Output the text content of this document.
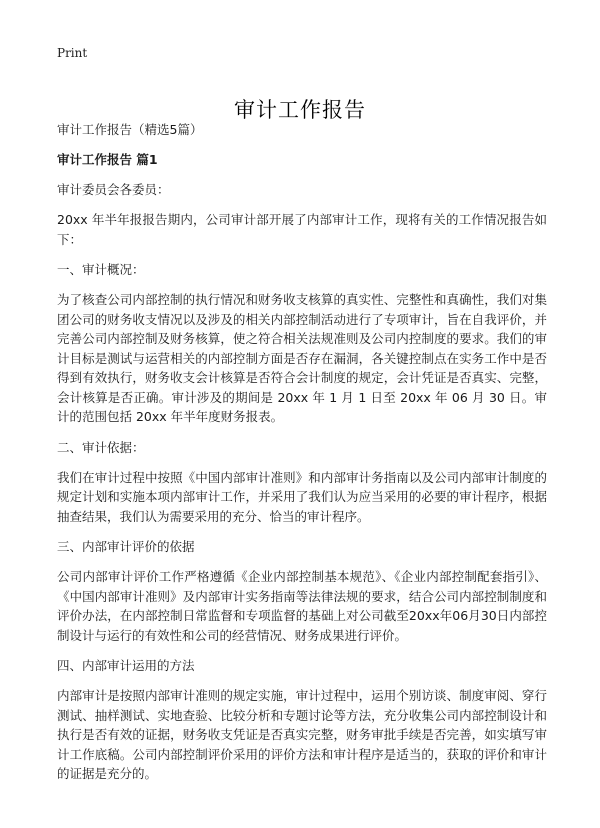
Print
审计工作报告

审计工作报告（精选5篇）

审计工作报告 篇1

审计委员会各委员：

20xx 年半年报报告期内，公司审计部开展了内部审计工作，现将有关的工作情况报告如下：

一、审计概况：

为了核查公司内部控制的执行情况和财务收支核算的真实性、完整性和真确性，我们对集团公司的财务收支情况以及涉及的相关内部控制活动进行了专项审计，旨在自我评价，并完善公司内部控制及财务核算，使之符合相关法规准则及公司内控制度的要求。我们的审计目标是测试与运营相关的内部控制方面是否存在漏洞，各关键控制点在实务工作中是否得到有效执行，财务收支会计核算是否符合会计制度的规定，会计凭证是否真实、完整，会计核算是否正确。审计涉及的期间是 20xx 年 1 月 1 日至 20xx 年 06 月 30 日。审计的范围包括 20xx 年半年度财务报表。

二、审计依据：

我们在审计过程中按照《中国内部审计准则》和内部审计务指南以及公司内部审计制度的规定计划和实施本项内部审计工作，并采用了我们认为应当采用的必要的审计程序，根据抽查结果，我们认为需要采用的充分、恰当的审计程序。

三、内部审计评价的依据

公司内部审计评价工作严格遵循《企业内部控制基本规范》、《企业内部控制配套指引》、《中国内部审计准则》及内部审计实务指南等法律法规的要求，结合公司内部控制制度和评价办法，在内部控制日常监督和专项监督的基础上对公司截至20xx年06月30日内部控制设计与运行的有效性和公司的经营情况、财务成果进行评价。

四、内部审计运用的方法

内部审计是按照内部审计准则的规定实施，审计过程中，运用个别访谈、制度审阅、穿行测试、抽样测试、实地查验、比较分析和专题讨论等方法，充分收集公司内部控制设计和执行是否有效的证据，财务收支凭证是否真实完整，财务审批手续是否完善，如实填写审计工作底稿。公司内部控制评价采用的评价方法和审计程序是适当的，获取的评价和审计的证据是充分的。
